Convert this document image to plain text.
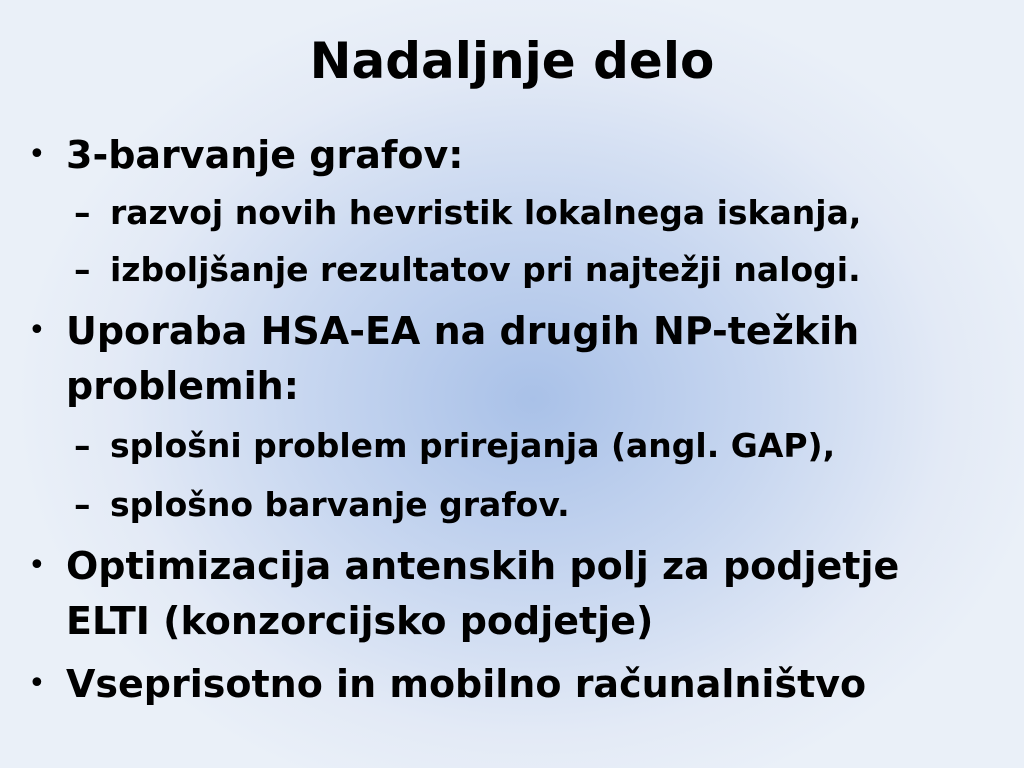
Nadaljnje delo
• 3-barvanje grafov:
– razvoj novih hevristik lokalnega iskanja,
– izboljšanje rezultatov pri najtežji nalogi.
• Uporaba HSA-EA na drugih NP-težkih
problemih:
– splošni problem prirejanja (angl. GAP),
– splošno barvanje grafov.
• Optimizacija antenskih polj za podjetje
ELTI (konzorcijsko podjetje)
• Vseprisotno in mobilno računalništvo
